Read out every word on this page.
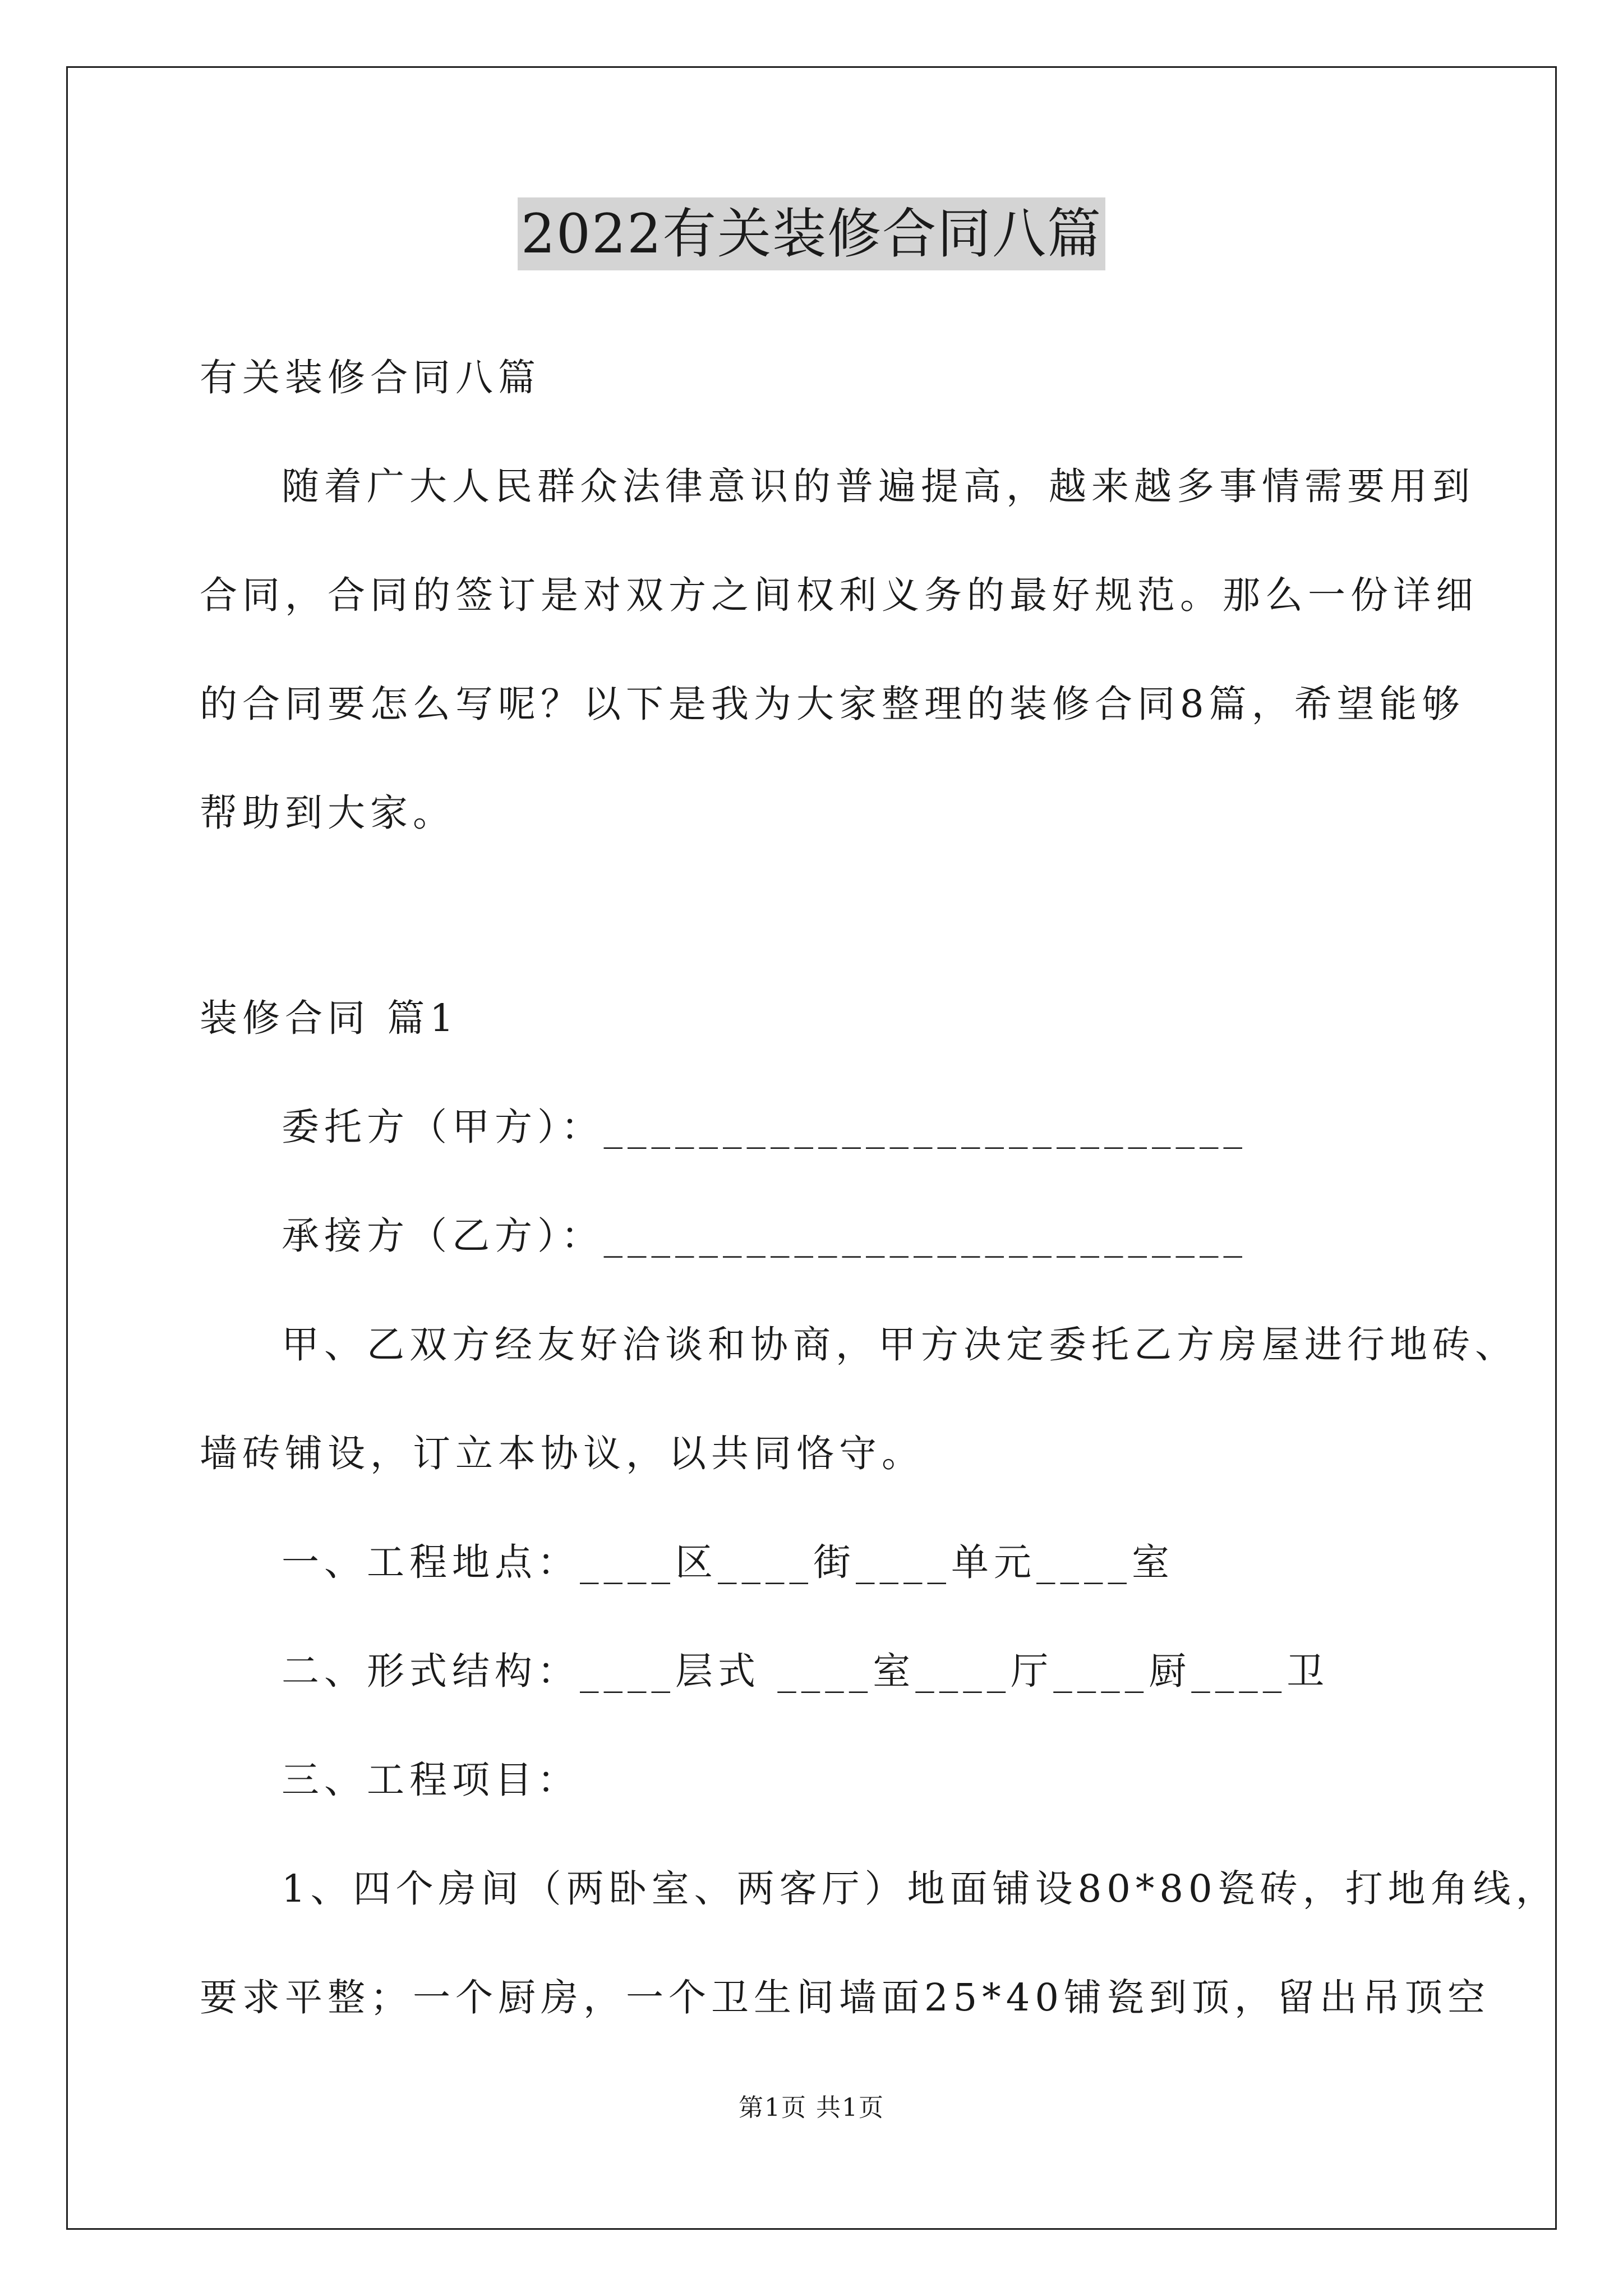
2022有关装修合同八篇
有关装修合同八篇
随着广大人民群众法律意识的普遍提高，越来越多事情需要用到
合同，合同的签订是对双方之间权利义务的最好规范。那么一份详细
的合同要怎么写呢？以下是我为大家整理的装修合同8篇，希望能够
帮助到大家。
装修合同 篇1
委托方（甲方）：___________________________
承接方（乙方）：___________________________
甲、乙双方经友好洽谈和协商，甲方决定委托乙方房屋进行地砖、
墙砖铺设，订立本协议，以共同恪守。
一、工程地点：____区____街____单元____室
二、形式结构：____层式 ____室____厅____厨____卫
三、工程项目：
1、四个房间（两卧室、两客厅）地面铺设80*80瓷砖，打地角线，
要求平整；一个厨房，一个卫生间墙面25*40铺瓷到顶，留出吊顶空
第1页 共1页
